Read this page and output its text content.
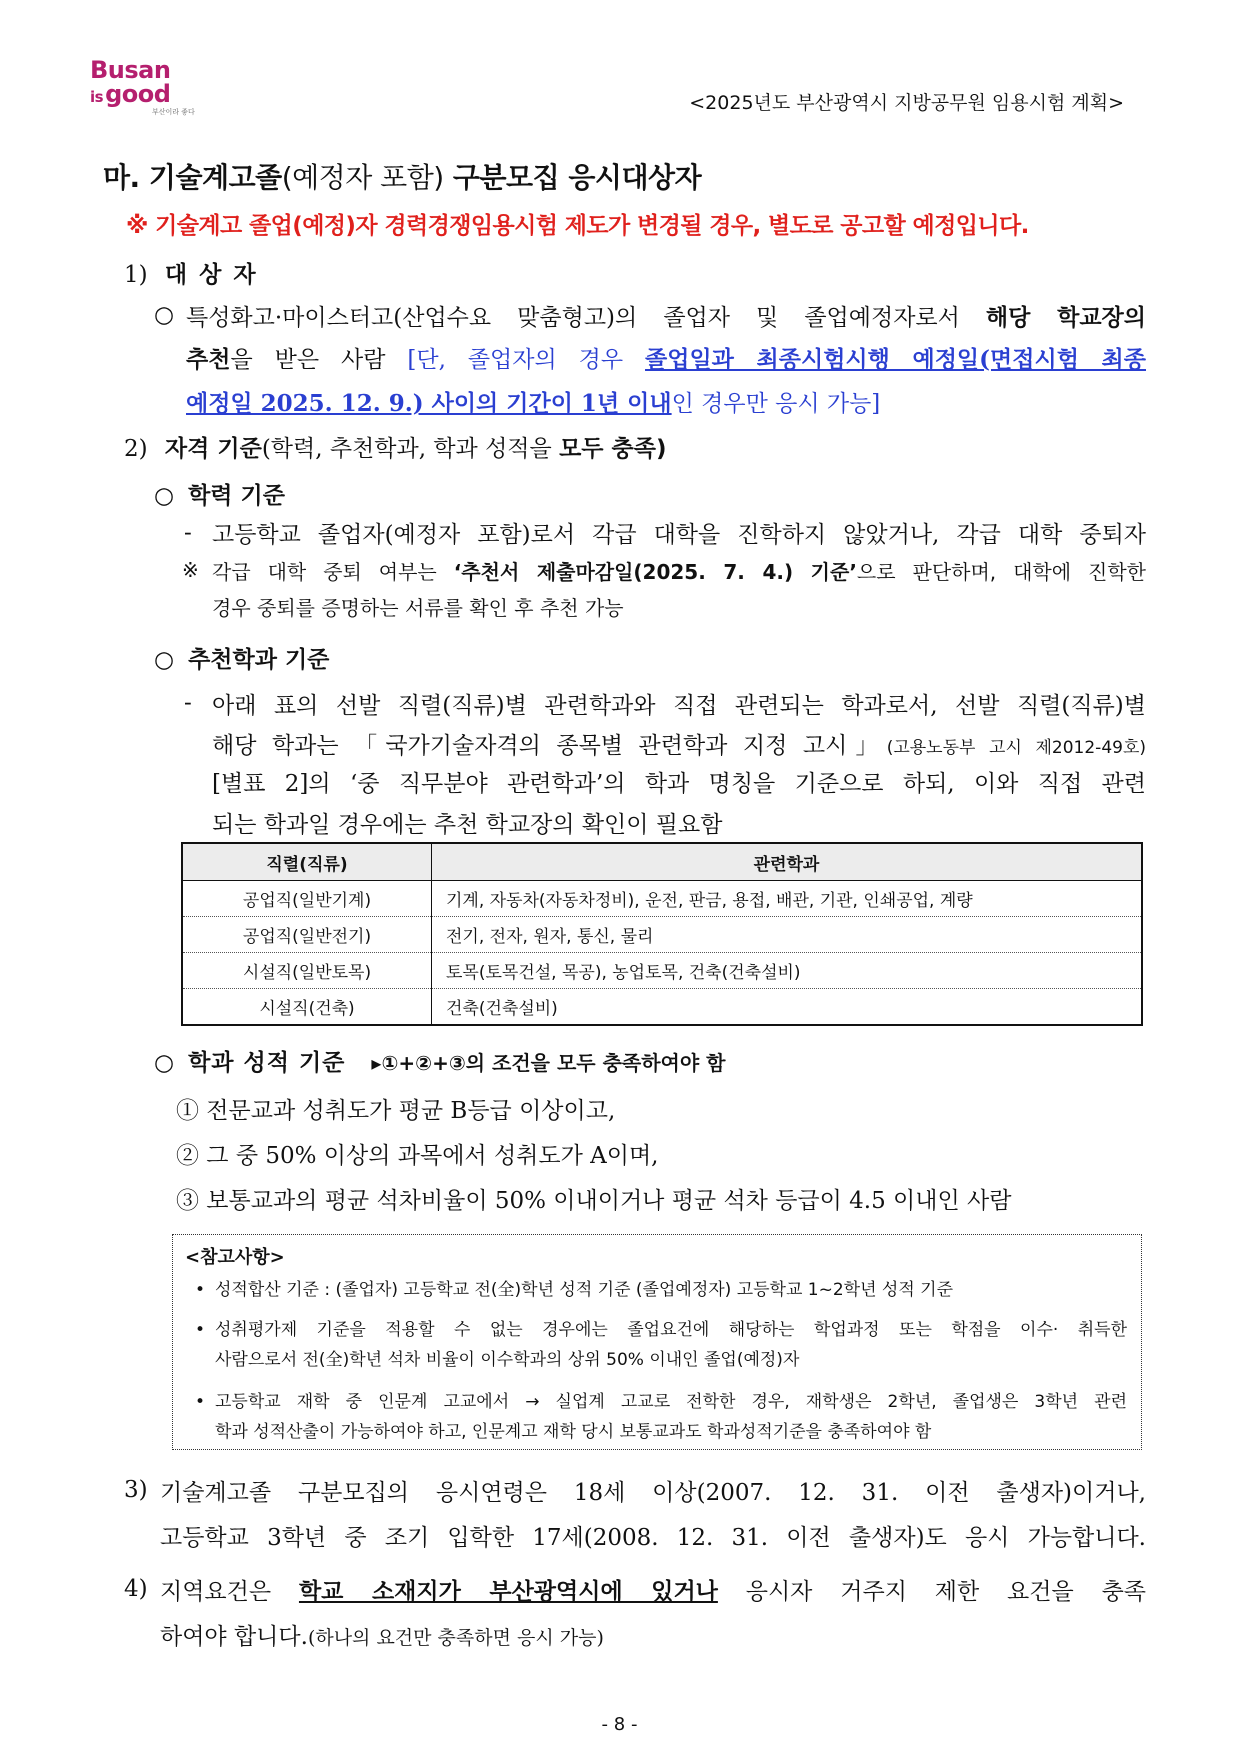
Busan
isgood
부산이라 좋다	<2025년도 부산광역시 지방공무원 임용시험 계획>
마. 기술계고졸(예정자 포함) 구분모집 응시대상자
※ 기술계고 졸업(예정)자 경력경쟁임용시험 제도가 변경될 경우, 별도로 공고할 예정입니다.
1) 대 상 자
○ 특성화고·마이스터고(산업수요 맞춤형고)의 졸업자 및 졸업예정자로서 해당 학교장의
추천을 받은 사람 [단, 졸업자의 경우 졸업일과 최종시험시행 예정일(면접시험 최종
예정일 2025. 12. 9.) 사이의 기간이 1년 이내인 경우만 응시 가능]
2) 자격 기준(학력, 추천학과, 학과 성적을 모두 충족)
○ 학력 기준
- 고등학교 졸업자(예정자 포함)로서 각급 대학을 진학하지 않았거나, 각급 대학 중퇴자
※ 각급 대학 중퇴 여부는 ‘추천서 제출마감일(2025. 7. 4.) 기준’으로 판단하며, 대학에 진학한
경우 중퇴를 증명하는 서류를 확인 후 추천 가능
○ 추천학과 기준
- 아래 표의 선발 직렬(직류)별 관련학과와 직접 관련되는 학과로서, 선발 직렬(직류)별
해당 학과는 「국가기술자격의 종목별 관련학과 지정 고시」(고용노동부 고시 제2012-49호)
[별표 2]의 ‘중 직무분야 관련학과’의 학과 명칭을 기준으로 하되, 이와 직접 관련
되는 학과일 경우에는 추천 학교장의 확인이 필요함
직렬(직류)	관련학과
공업직(일반기계)	기계, 자동차(자동차정비), 운전, 판금, 용접, 배관, 기관, 인쇄공업, 계량
공업직(일반전기)	전기, 전자, 원자, 통신, 물리
시설직(일반토목)	토목(토목건설, 목공), 농업토목, 건축(건축설비)
시설직(건축)	건축(건축설비)
○ 학과 성적 기준 ▸①+②+③의 조건을 모두 충족하여야 함
① 전문교과 성취도가 평균 B등급 이상이고,
② 그 중 50% 이상의 과목에서 성취도가 A이며,
③ 보통교과의 평균 석차비율이 50% 이내이거나 평균 석차 등급이 4.5 이내인 사람
<참고사항>
• 성적합산 기준 : (졸업자) 고등학교 전(全)학년 성적 기준 (졸업예정자) 고등학교 1~2학년 성적 기준
• 성취평가제 기준을 적용할 수 없는 경우에는 졸업요건에 해당하는 학업과정 또는 학점을 이수· 취득한
사람으로서 전(全)학년 석차 비율이 이수학과의 상위 50% 이내인 졸업(예정)자
• 고등학교 재학 중 인문계 고교에서 → 실업계 고교로 전학한 경우, 재학생은 2학년, 졸업생은 3학년 관련
학과 성적산출이 가능하여야 하고, 인문계고 재학 당시 보통교과도 학과성적기준을 충족하여야 함
3) 기술계고졸 구분모집의 응시연령은 18세 이상(2007. 12. 31. 이전 출생자)이거나,
고등학교 3학년 중 조기 입학한 17세(2008. 12. 31. 이전 출생자)도 응시 가능합니다.
4) 지역요건은 학교 소재지가 부산광역시에 있거나 응시자 거주지 제한 요건을 충족
하여야 합니다.(하나의 요건만 충족하면 응시 가능)
- 8 -
